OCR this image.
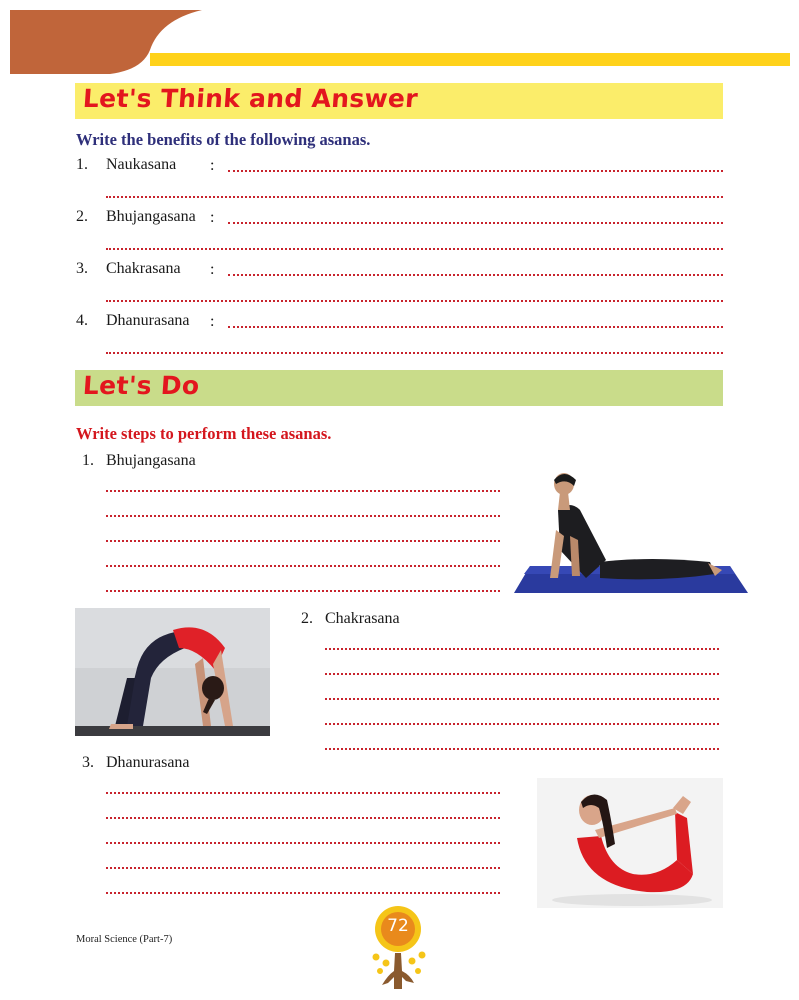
Let's Think and Answer
Write the benefits of the following asanas.
1. Naukasana :
2. Bhujangasana :
3. Chakrasana :
4. Dhanurasana :
Let's Do
Write steps to perform these asanas.
1. Bhujangasana
2. Chakrasana
3. Dhanurasana
Moral Science (Part-7)
72
